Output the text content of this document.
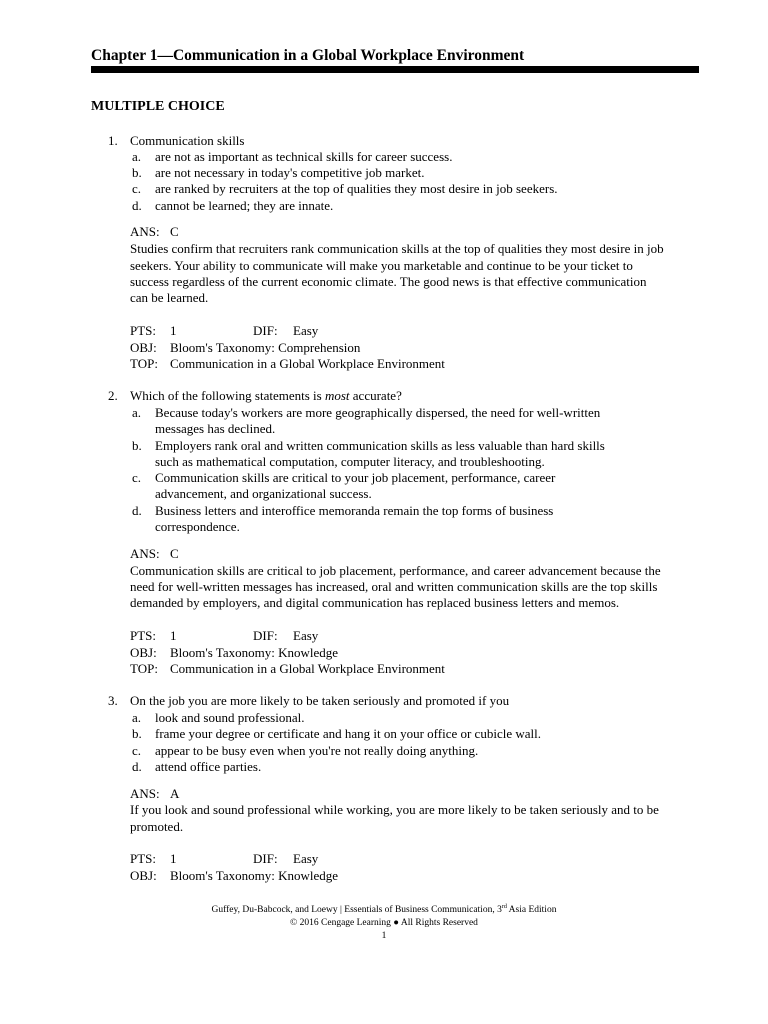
Chapter 1—Communication in a Global Workplace Environment
MULTIPLE CHOICE
1. Communication skills
a. are not as important as technical skills for career success.
b. are not necessary in today's competitive job market.
c. are ranked by recruiters at the top of qualities they most desire in job seekers.
d. cannot be learned; they are innate.
ANS: C
Studies confirm that recruiters rank communication skills at the top of qualities they most desire in job
seekers. Your ability to communicate will make you marketable and continue to be your ticket to
success regardless of the current economic climate. The good news is that effective communication
can be learned.
PTS: 1	DIF: Easy
OBJ: Bloom's Taxonomy: Comprehension
TOP: Communication in a Global Workplace Environment
2. Which of the following statements is most accurate?
a. Because today's workers are more geographically dispersed, the need for well-written
messages has declined.
b. Employers rank oral and written communication skills as less valuable than hard skills
such as mathematical computation, computer literacy, and troubleshooting.
c. Communication skills are critical to your job placement, performance, career
advancement, and organizational success.
d. Business letters and interoffice memoranda remain the top forms of business
correspondence.
ANS: C
Communication skills are critical to job placement, performance, and career advancement because the
need for well-written messages has increased, oral and written communication skills are the top skills
demanded by employers, and digital communication has replaced business letters and memos.
PTS: 1	DIF: Easy
OBJ: Bloom's Taxonomy: Knowledge
TOP: Communication in a Global Workplace Environment
3. On the job you are more likely to be taken seriously and promoted if you
a. look and sound professional.
b. frame your degree or certificate and hang it on your office or cubicle wall.
c. appear to be busy even when you're not really doing anything.
d. attend office parties.
ANS: A
If you look and sound professional while working, you are more likely to be taken seriously and to be
promoted.
PTS: 1	DIF: Easy
OBJ: Bloom's Taxonomy: Knowledge
Guffey, Du-Babcock, and Loewy | Essentials of Business Communication, 3rd Asia Edition
© 2016 Cengage Learning ● All Rights Reserved
1
